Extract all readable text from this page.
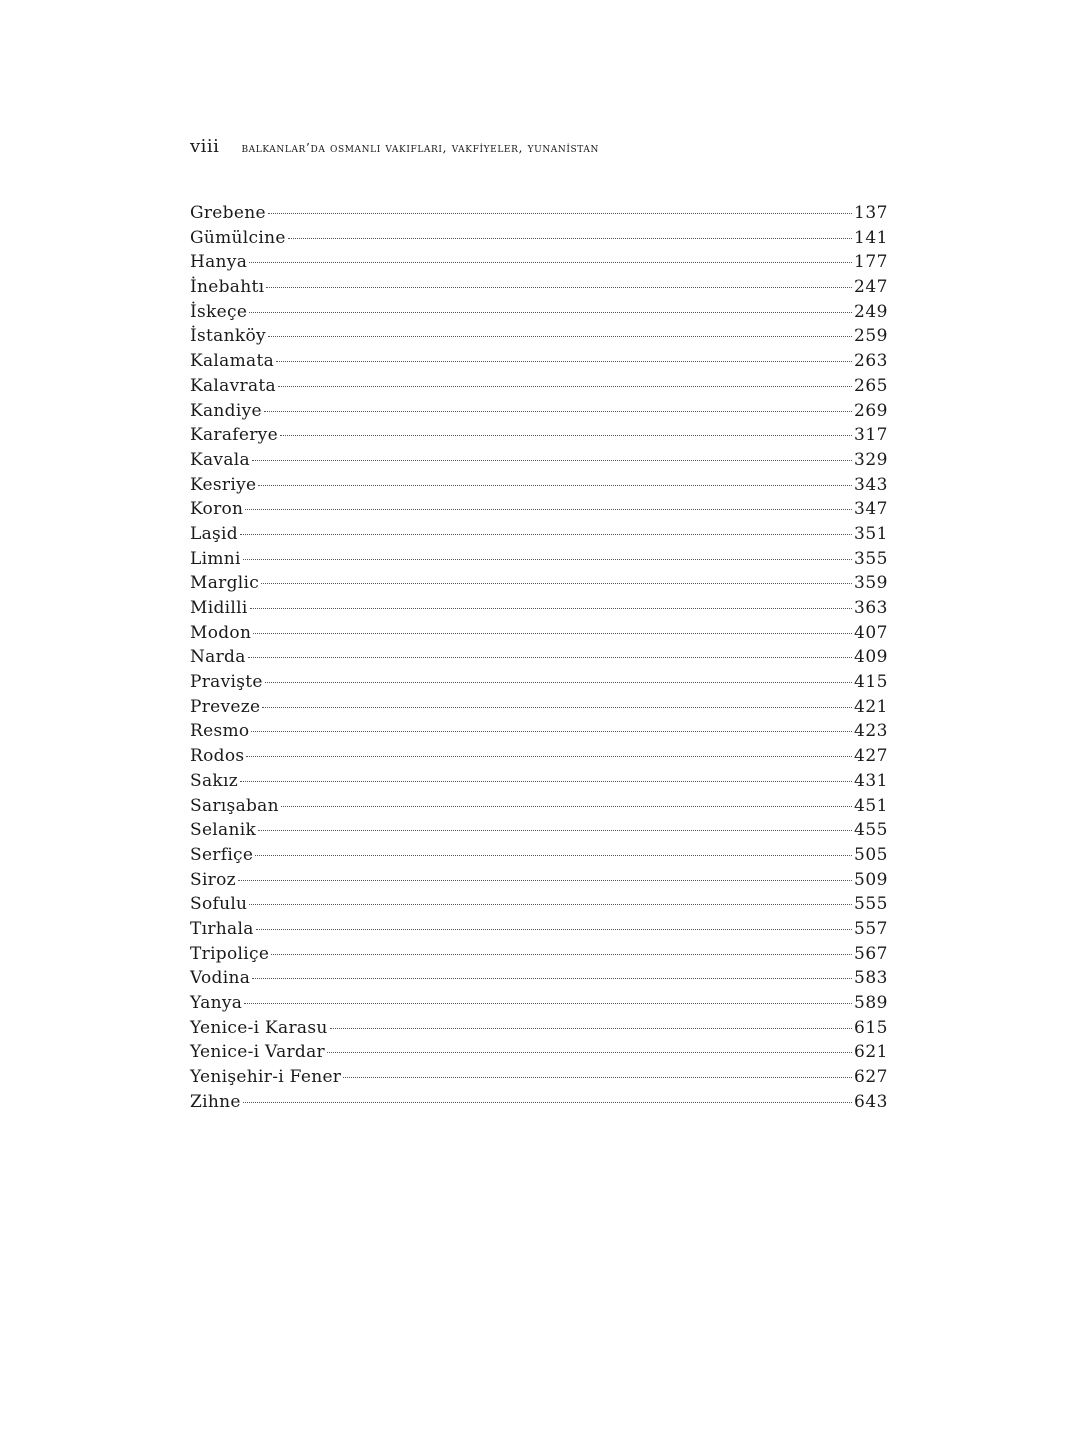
viii balkanlar’da osmanli vakiflari, vakfi̇yeler, yunani̇stan
Grebene	137
Gümülcine	141
Hanya	177
İnebahtı	247
İskeçe	249
İstanköy	259
Kalamata	263
Kalavrata	265
Kandiye	269
Karaferye	317
Kavala	329
Kesriye	343
Koron	347
Laşid	351
Limni	355
Marglic	359
Midilli	363
Modon	407
Narda	409
Pravişte	415
Preveze	421
Resmo	423
Rodos	427
Sakız	431
Sarışaban	451
Selanik	455
Serfiçe	505
Siroz	509
Sofulu	555
Tırhala	557
Tripoliçe	567
Vodina	583
Yanya	589
Yenice-i Karasu	615
Yenice-i Vardar	621
Yenişehir-i Fener	627
Zihne	643
